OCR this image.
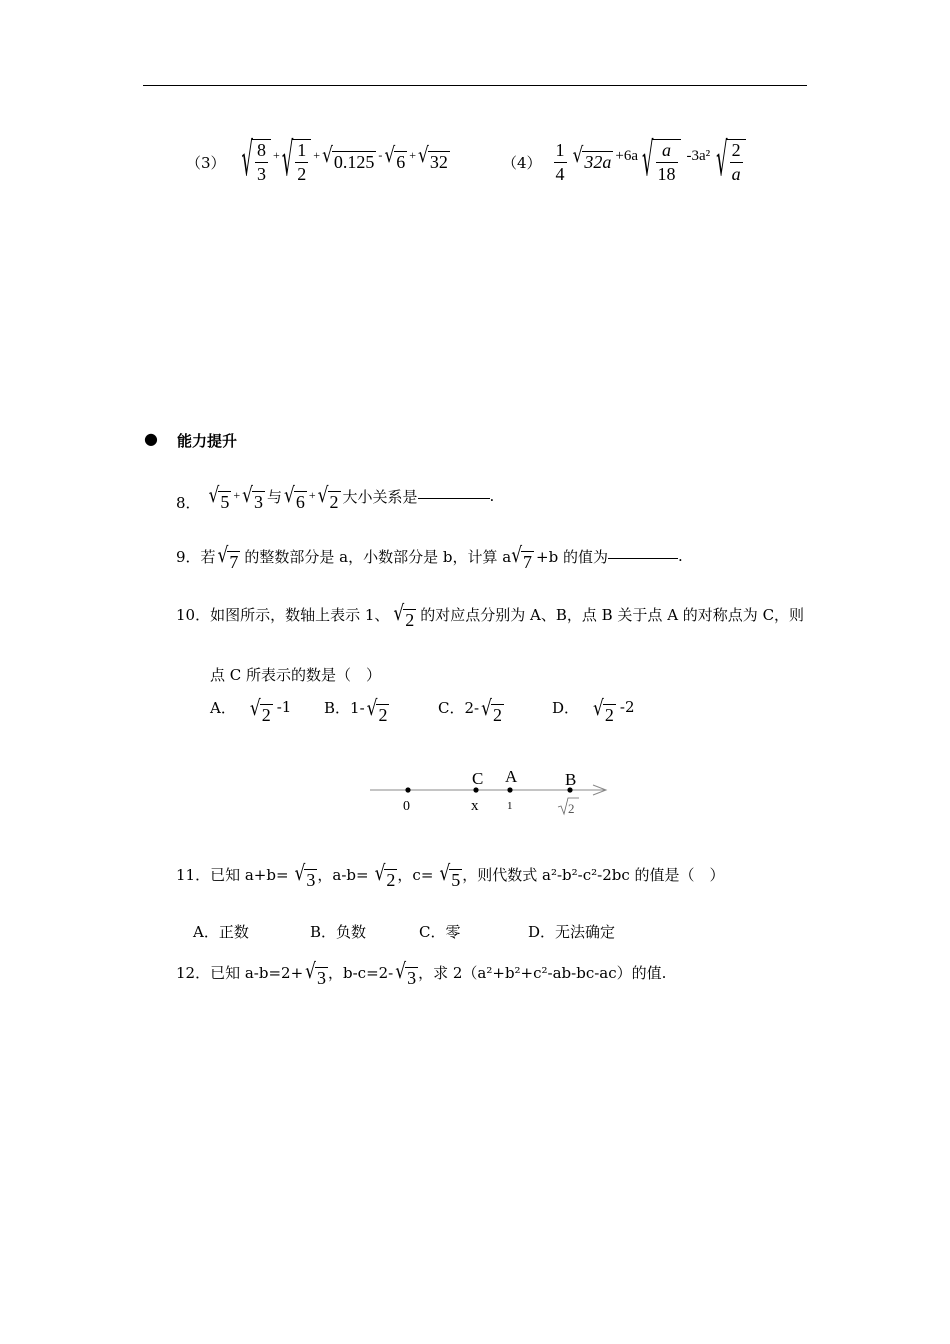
（3） √ $\frac{8}{3}$ + √ $\frac{1}{2}$ + √ 0.125 - √ 6 + √ 32	$(4) \frac{1}{4}$ √ 32a +6a √ $\frac{a}{18} -3a^2$ √ $\frac{2}{a}$
● 能力提升
8． √ 5 + √ 3 与 √ 6 + √ 2 大小关系是	.
9．若 √ 7 的整数部分是 a，小数部分是 b，计算 a √ 7 +b 的值为	.
10．如图所示，数轴上表示 1、 √ 2 的对应点分别为 A、B，点 B 关于点 A 的对称点为 C，则
点 C 所表示的数是（　）
A． √ 2 -1 B．1- √ 2	C．2- √ 2	D． √ 2 -2
C A	B
0	x	1	2
11．已知 a+b= √ 3 ，a-b= √ 2 ，c= √ 5 ，则代数式 a²-b²-c²-2bc 的值是（　）
A．正数	B．负数	C．零	D．无法确定
12．已知 a-b=2+ √ 3 ，b-c=2- √ 3 ，求 2（a²+b²+c²-ab-bc-ac）的值.
